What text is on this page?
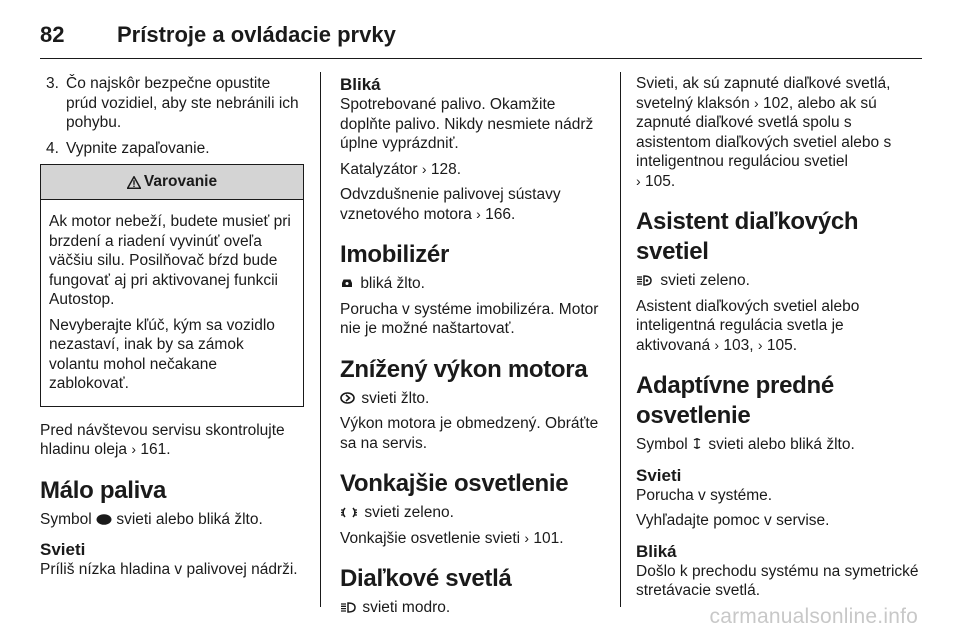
82 Prístroje a ovládacie prvky
3. Čo najskôr bezpečne opustite prúd vozidiel, aby ste nebránili ich pohybu.
4. Vypnite zapaľovanie.
Varovanie

Ak motor nebeží, budete musieť pri brzdení a riadení vyvinúť oveľa väčšiu silu. Posilňovač bŕzd bude fungovať aj pri aktivovanej funkcii Autostop.

Nevyberajte kľúč, kým sa vozidlo nezastaví, inak by sa zámok volantu mohol nečakane zablokovať.

Pred návštevou servisu skontrolujte hladinu oleja › 161.

Málo paliva

Symbol svieti alebo bliká žlto.

Svieti

Príliš nízka hladina v palivovej nádrži.

Bliká

Spotrebované palivo. Okamžite doplňte palivo. Nikdy nesmiete nádrž úplne vyprázdniť.

Katalyzátor › 128.

Odvzdušnenie palivovej sústavy vznetového motora › 166.

Imobilizér

bliká žlto.

Porucha v systéme imobilizéra. Motor nie je možné naštartovať.

Znížený výkon motora

svieti žlto.

Výkon motora je obmedzený. Obráťte sa na servis.

Vonkajšie osvetlenie

svieti zeleno.

Vonkajšie osvetlenie svieti › 101.

Diaľkové svetlá

svieti modro.

Svieti, ak sú zapnuté diaľkové svetlá, svetelný klaksón › 102, alebo ak sú zapnuté diaľkové svetlá spolu s asistentom diaľkových svetiel alebo s inteligentnou reguláciou svetiel
› 105.

Asistent diaľkových svetiel

svieti zeleno.

Asistent diaľkových svetiel alebo inteligentná regulácia svetla je aktivovaná › 103, › 105.

Adaptívne predné osvetlenie

Symbol svieti alebo bliká žlto.

Svieti

Porucha v systéme.

Vyhľadajte pomoc v servise.

Bliká

Došlo k prechodu systému na symetrické stretávacie svetlá.

carmanualsonline.info
